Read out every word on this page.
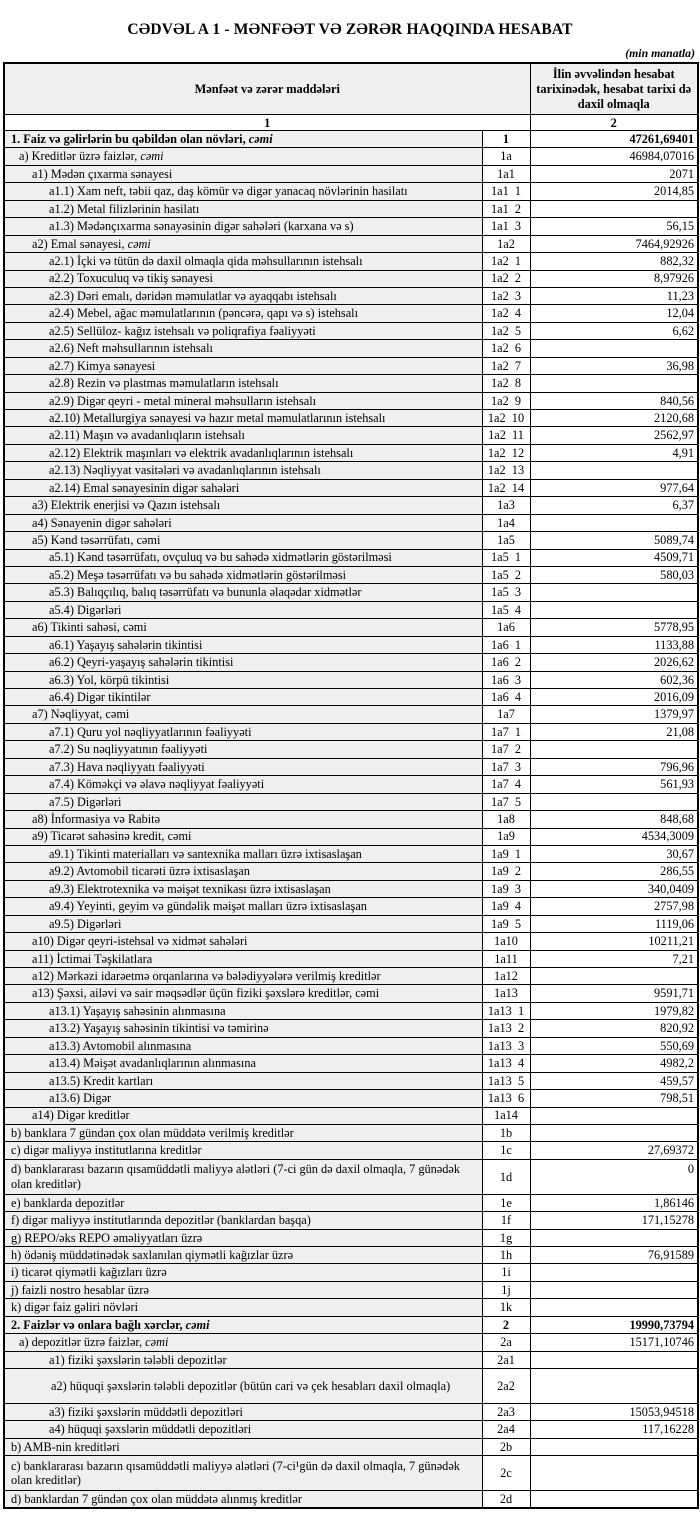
CƏDVƏL A 1 - MƏNFƏƏT VƏ ZƏRƏR HAQQINDA HESABAT
(min manatla)
Mənfəət və zərər maddələri		İlin əvvəlindən hesabat tarixinədək, hesabat tarixi də daxil olmaqla
1		2
1. Faiz və gəlirlərin bu qəbildən olan növləri, cəmi	1	47261,69401
a) Kreditlər üzrə faizlər, cəmi	1a	46984,07016
a1) Mədən çıxarma sənayesi	1a1	2071
a1.1) Xam neft, təbii qaz, daş kömür və digər yanacaq növlərinin hasilatı	1a1  1	2014,85
a1.2) Metal filizlərinin hasilatı	1a1  2	
a1.3) Mədənçıxarma sənayəsinin digər sahələri (karxana və s)	1a1  3	56,15
a2) Emal sənayesi, cəmi	1a2	7464,92926
a2.1) İçki və tütün də daxil olmaqla qida məhsullarının istehsalı	1a2  1	882,32
a2.2) Toxuculuq və tikiş sənayesi	1a2  2	8,97926
a2.3) Dəri emalı, dəridən məmulatlar və ayaqqabı istehsalı	1a2  3	11,23
a2.4) Mebel, ağac məmulatlarının (pəncərə, qapı və s) istehsalı	1a2  4	12,04
a2.5) Sellüloz- kağız istehsalı və poliqrafiya fəaliyyəti	1a2  5	6,62
a2.6) Neft məhsullarının istehsalı	1a2  6	
a2.7) Kimya sənayesi	1a2  7	36,98
a2.8) Rezin və plastmas məmulatların istehsalı	1a2  8	
a2.9) Digər qeyri - metal mineral məhsulların istehsalı	1a2  9	840,56
a2.10) Metallurgiya sənayesi və hazır metal məmulatlarının istehsalı	1a2  10	2120,68
a2.11) Maşın və avadanlıqların istehsalı	1a2  11	2562,97
a2.12) Elektrik maşınları və elektrik avadanlıqlarının istehsalı	1a2  12	4,91
a2.13) Nəqliyyat vasitələri və avadanlıqlarının istehsalı	1a2  13	
a2.14) Emal sənayesinin digər sahələri	1a2  14	977,64
a3) Elektrik enerjisi və Qazın istehsalı	1a3	6,37
a4) Sənayenin digər sahələri	1a4	
a5) Kənd təsərrüfatı, cəmi	1a5	5089,74
a5.1) Kənd təsərrüfatı, ovçuluq və bu sahədə xidmətlərin göstərilməsi	1a5  1	4509,71
a5.2) Meşə təsərrüfatı və bu sahədə xidmətlərin göstərilməsi	1a5  2	580,03
a5.3) Balıqçılıq, balıq təsərrüfatı və bununla əlaqədar xidmətlər	1a5  3	
a5.4) Digərləri	1a5  4	
a6) Tikinti sahəsi, cəmi	1a6	5778,95
a6.1) Yaşayış sahələrin tikintisi	1a6  1	1133,88
a6.2) Qeyri-yaşayış sahələrin tikintisi	1a6  2	2026,62
a6.3) Yol, körpü tikintisi	1a6  3	602,36
a6.4) Digər tikintilər	1a6  4	2016,09
a7) Nəqliyyat, cəmi	1a7	1379,97
a7.1) Quru yol nəqliyyatlarının fəaliyyəti	1a7  1	21,08
a7.2) Su nəqliyyatının fəaliyyəti	1a7  2	
a7.3) Hava nəqliyyatı fəaliyyəti	1a7  3	796,96
a7.4) Köməkçi və əlavə nəqliyyat fəaliyyəti	1a7  4	561,93
a7.5) Digərləri	1a7  5	
a8) İnformasiya və Rabitə	1a8	848,68
a9) Ticarət sahəsinə kredit, cəmi	1a9	4534,3009
a9.1) Tikinti materialları və santexnika malları üzrə ixtisaslaşan	1a9  1	30,67
a9.2) Avtomobil ticarəti üzrə ixtisaslaşan	1a9  2	286,55
a9.3) Elektrotexnika və məişət texnikası üzrə ixtisaslaşan	1a9  3	340,0409
a9.4) Yeyinti, geyim və gündəlik məişət malları üzrə ixtisaslaşan	1a9  4	2757,98
a9.5) Digərləri	1a9  5	1119,06
a10) Digər qeyri-istehsal və xidmət sahələri	1a10	10211,21
a11) İctimai Təşkilatlara	1a11	7,21
a12) Mərkəzi idarəetmə orqanlarına və bələdiyyələrə verilmiş kreditlər	1a12	
a13) Şəxsi, ailəvi və sair məqsədlər üçün fiziki şəxslərə kreditlər, cəmi	1a13	9591,71
a13.1) Yaşayış sahəsinin alınmasına	1a13  1	1979,82
a13.2) Yaşayış sahəsinin tikintisi və təmirinə	1a13  2	820,92
a13.3) Avtomobil alınmasına	1a13  3	550,69
a13.4) Məişət avadanlıqlarının alınmasına	1a13  4	4982,2
a13.5) Kredit kartları	1a13  5	459,57
a13.6) Digər	1a13  6	798,51
a14) Digər kreditlər	1a14	
b) banklara 7 gündən çox olan müddətə verilmiş kreditlər	1b	
c) digər maliyyə institutlarına kreditlər	1c	27,69372
d) banklararası bazarın qısamüddətli maliyyə alətləri (7-ci gün də daxil olmaqla, 7 günədək olan kreditlər)	1d	0
e) banklarda depozitlər	1e	1,86146
f) digər maliyyə institutlarında depozitlər (banklardan başqa)	1f	171,15278
g) REPO/əks REPO əməliyyatları üzrə	1g	
h) ödəniş müddətinədək saxlanılan qiymətli kağızlar üzrə	1h	76,91589
i) ticarət qiymətli kağızları üzrə	1i	
j) faizli nostro hesablar üzrə	1j	
k) digər faiz gəliri növləri	1k	
2. Faizlər və onlara bağlı xərclər, cəmi	2	19990,73794
a) depozitlər üzrə faizlər, cəmi	2a	15171,10746
a1) fiziki şəxslərin tələbli depozitlər	2a1	
a2) hüquqi şəxslərin tələbli depozitlər (bütün cari və çek hesabları daxil olmaqla)	2a2	
a3) fiziki şəxslərin müddətli depozitləri	2a3	15053,94518
a4) hüquqi şəxslərin müddətli depozitləri	2a4	117,16228
b) AMB-nin kreditləri	2b	
c) banklararası bazarın qısamüddətli maliyyə alətləri (7-ci¹gün də daxil olmaqla, 7 günədək olan kreditlər)	2c	
d) banklardan 7 gündən çox olan müddətə alınmış kreditlər	2d	
